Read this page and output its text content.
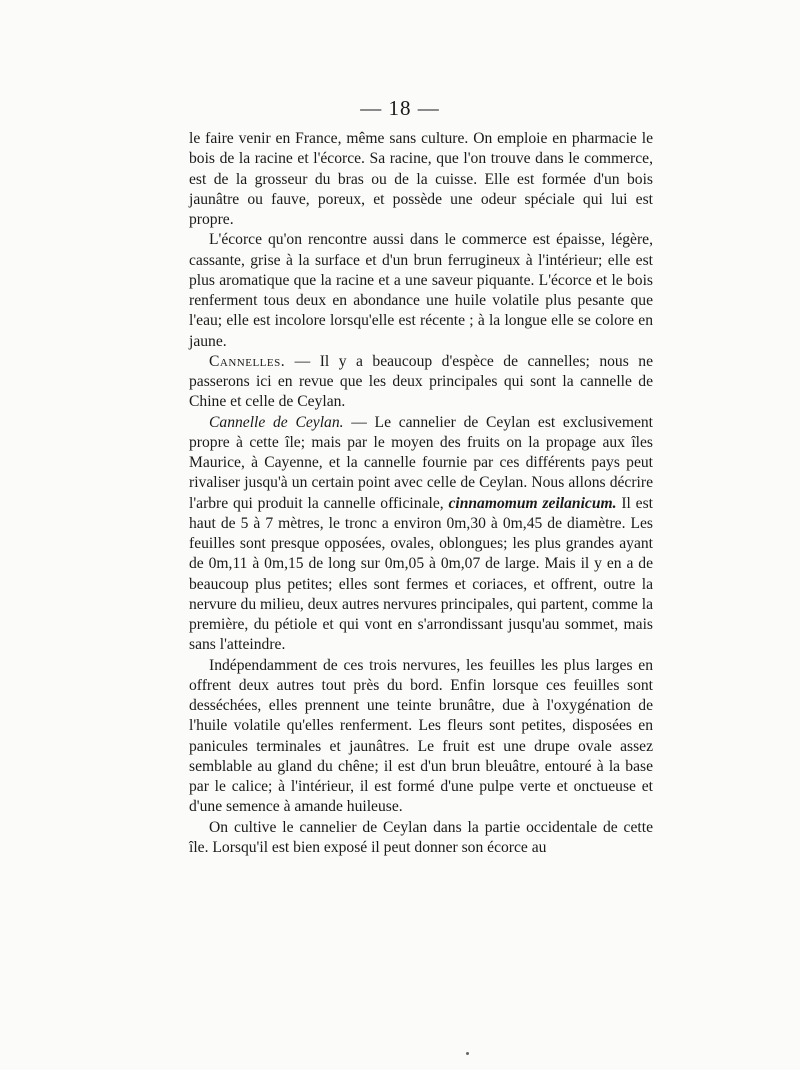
— 18 —

le faire venir en France, même sans culture. On emploie en pharmacie le bois de la racine et l'écorce. Sa racine, que l'on trouve dans le commerce, est de la grosseur du bras ou de la cuisse. Elle est formée d'un bois jaunâtre ou fauve, poreux, et possède une odeur spéciale qui lui est propre.

L'écorce qu'on rencontre aussi dans le commerce est épaisse, légère, cassante, grise à la surface et d'un brun ferrugineux à l'intérieur; elle est plus aromatique que la racine et a une saveur piquante. L'écorce et le bois renferment tous deux en abondance une huile volatile plus pesante que l'eau; elle est incolore lorsqu'elle est récente ; à la longue elle se colore en jaune.

Cannelles. — Il y a beaucoup d'espèce de cannelles; nous ne passerons ici en revue que les deux principales qui sont la cannelle de Chine et celle de Ceylan.

Cannelle de Ceylan. — Le cannelier de Ceylan est exclusivement propre à cette île; mais par le moyen des fruits on la propage aux îles Maurice, à Cayenne, et la cannelle fournie par ces différents pays peut rivaliser jusqu'à un certain point avec celle de Ceylan. Nous allons décrire l'arbre qui produit la cannelle officinale, cinnamomum zeilanicum. Il est haut de 5 à 7 mètres, le tronc a environ 0m,30 à 0m,45 de diamètre. Les feuilles sont presque opposées, ovales, oblongues; les plus grandes ayant de 0m,11 à 0m,15 de long sur 0m,05 à 0m,07 de large. Mais il y en a de beaucoup plus petites; elles sont fermes et coriaces, et offrent, outre la nervure du milieu, deux autres nervures principales, qui partent, comme la première, du pétiole et qui vont en s'arrondissant jusqu'au sommet, mais sans l'atteindre.

Indépendamment de ces trois nervures, les feuilles les plus larges en offrent deux autres tout près du bord. Enfin lorsque ces feuilles sont desséchées, elles prennent une teinte brunâtre, due à l'oxygénation de l'huile volatile qu'elles renferment. Les fleurs sont petites, disposées en panicules terminales et jaunâtres. Le fruit est une drupe ovale assez semblable au gland du chêne; il est d'un brun bleuâtre, entouré à la base par le calice; à l'intérieur, il est formé d'une pulpe verte et onctueuse et d'une semence à amande huileuse.

On cultive le cannelier de Ceylan dans la partie occidentale de cette île. Lorsqu'il est bien exposé il peut donner son écorce au
